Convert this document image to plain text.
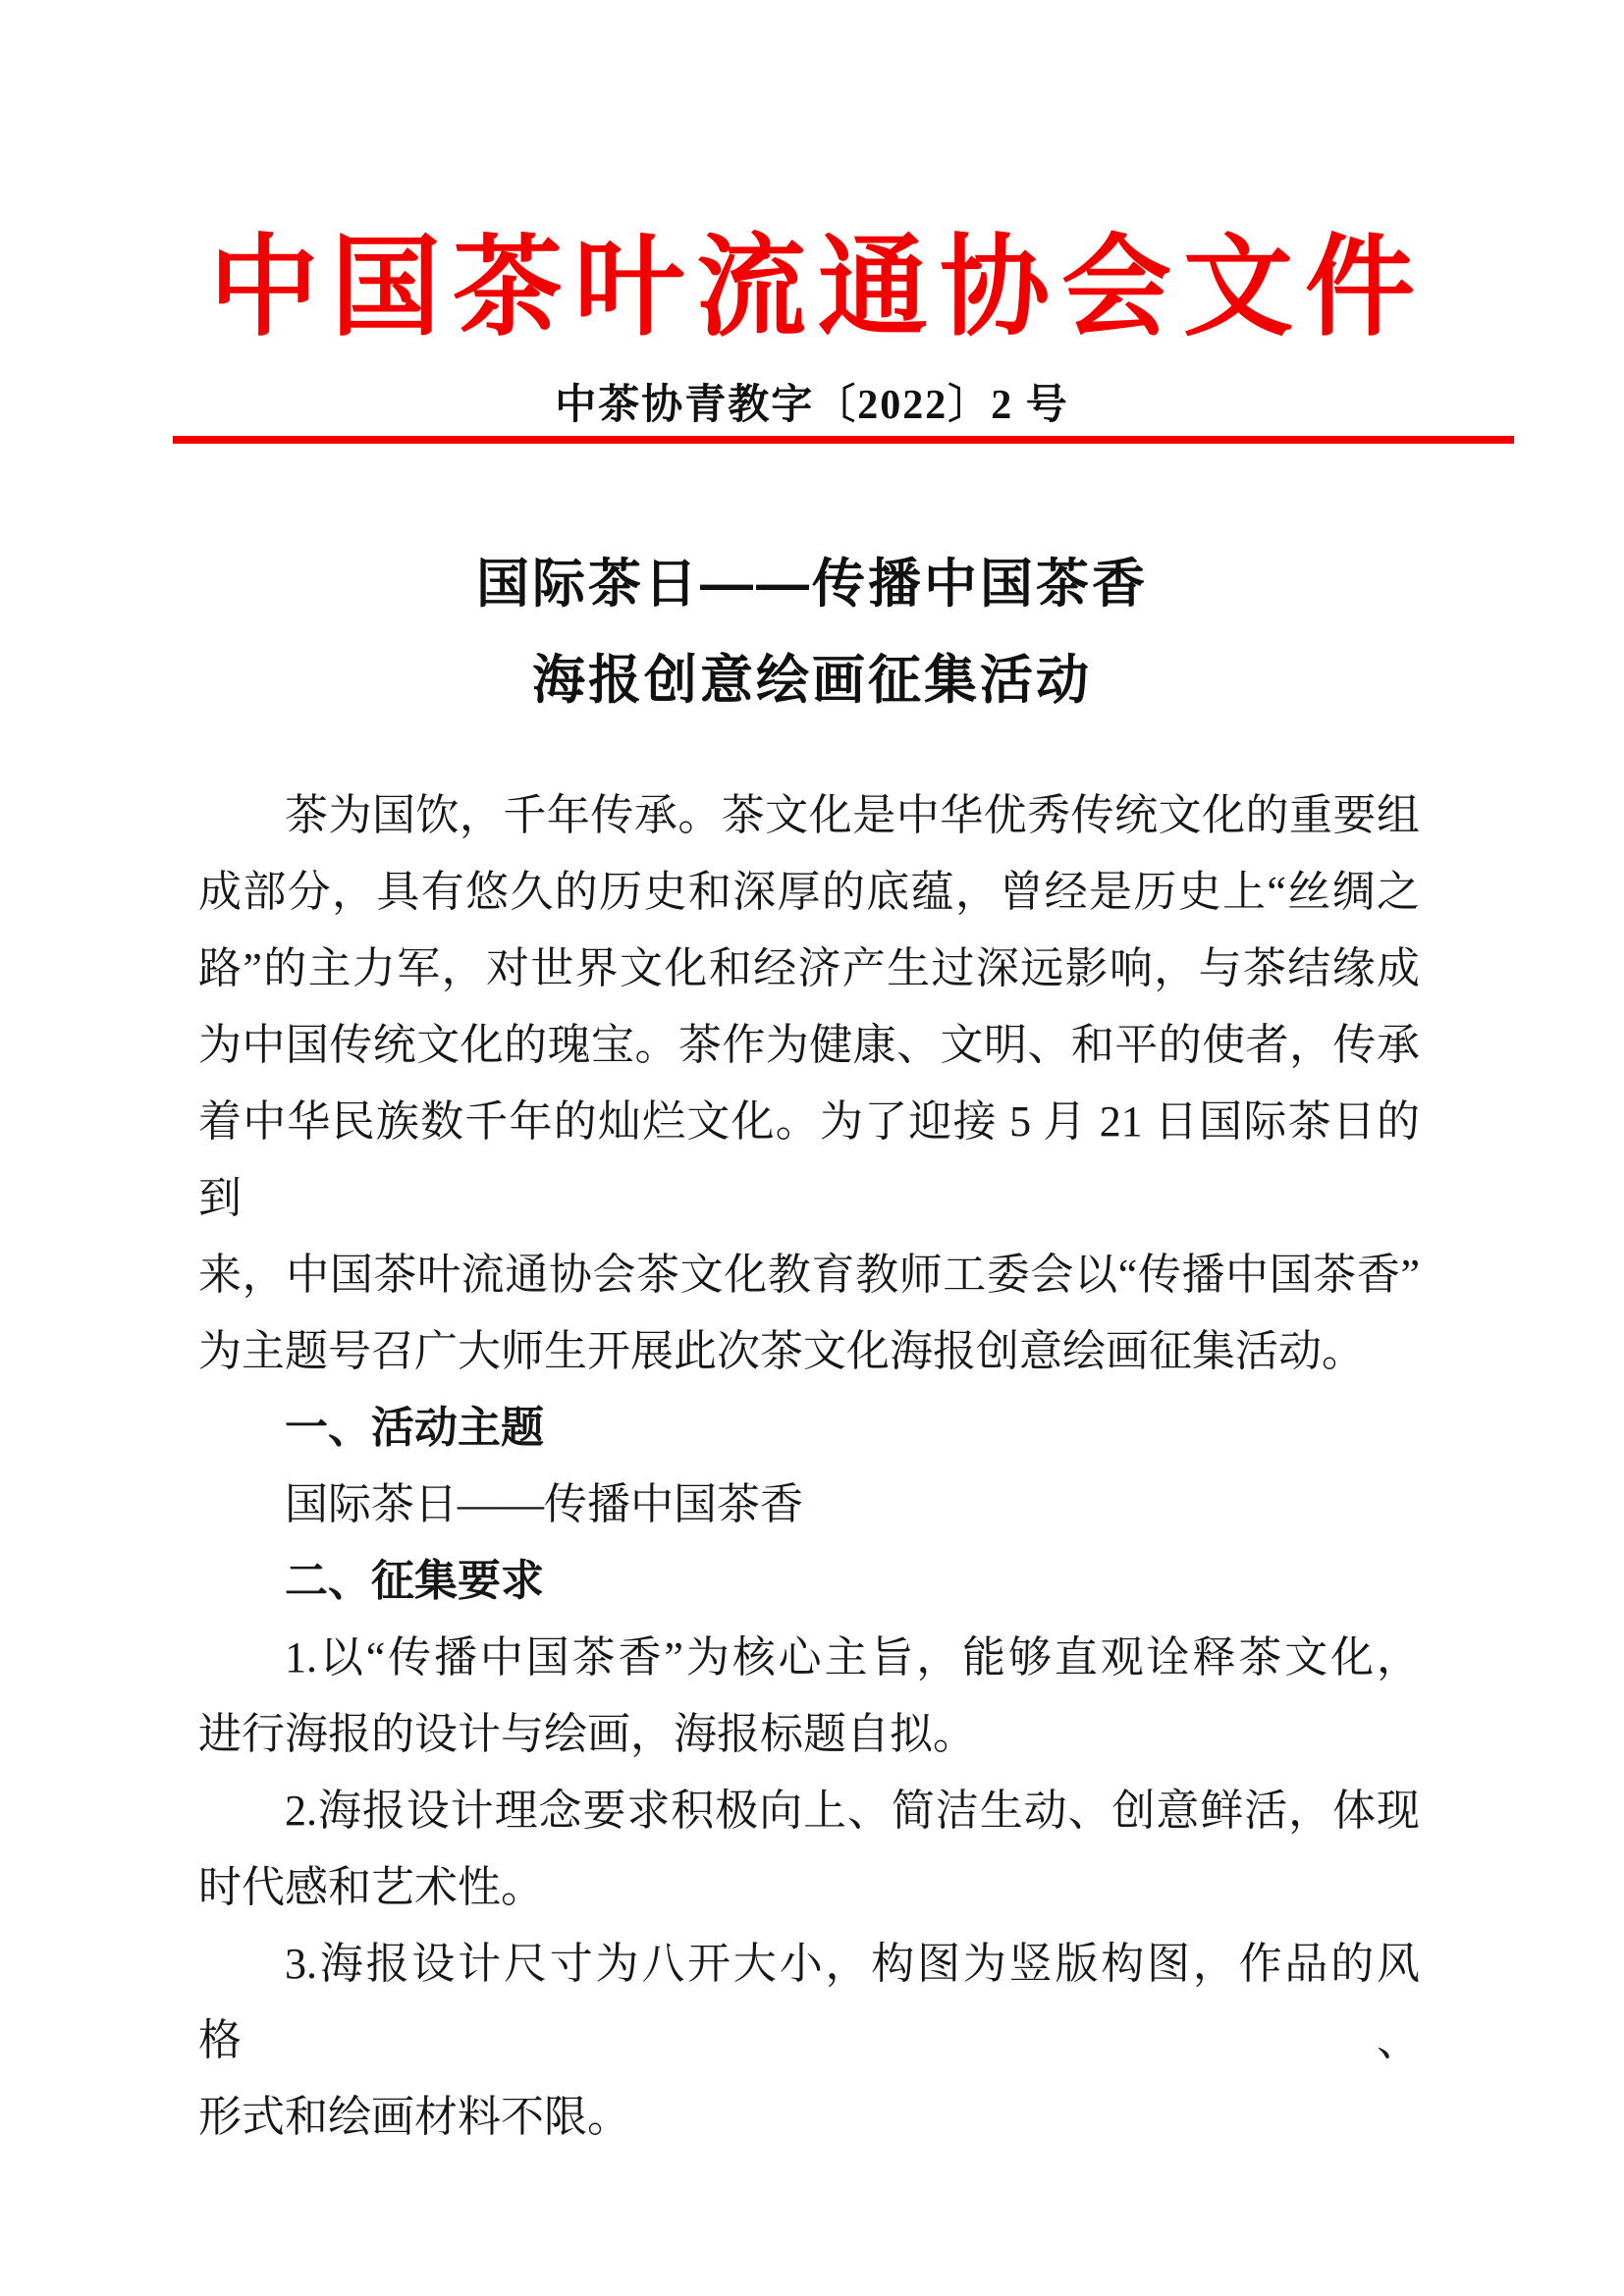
中国茶叶流通协会文件
中茶协青教字〔2022〕2 号
国际茶日——传播中国茶香
海报创意绘画征集活动
茶为国饮，千年传承。茶文化是中华优秀传统文化的重要组
成部分，具有悠久的历史和深厚的底蕴，曾经是历史上“丝绸之
路”的主力军，对世界文化和经济产生过深远影响，与茶结缘成
为中国传统文化的瑰宝。茶作为健康、文明、和平的使者，传承
着中华民族数千年的灿烂文化。为了迎接 5 月 21 日国际茶日的到
来，中国茶叶流通协会茶文化教育教师工委会以“传播中国茶香”
为主题号召广大师生开展此次茶文化海报创意绘画征集活动。
一、活动主题
国际茶日——传播中国茶香
二、征集要求
1.以“传播中国茶香”为核心主旨，能够直观诠释茶文化，
进行海报的设计与绘画，海报标题自拟。
2.海报设计理念要求积极向上、简洁生动、创意鲜活，体现
时代感和艺术性。
3.海报设计尺寸为八开大小，构图为竖版构图，作品的风格、
形式和绘画材料不限。
